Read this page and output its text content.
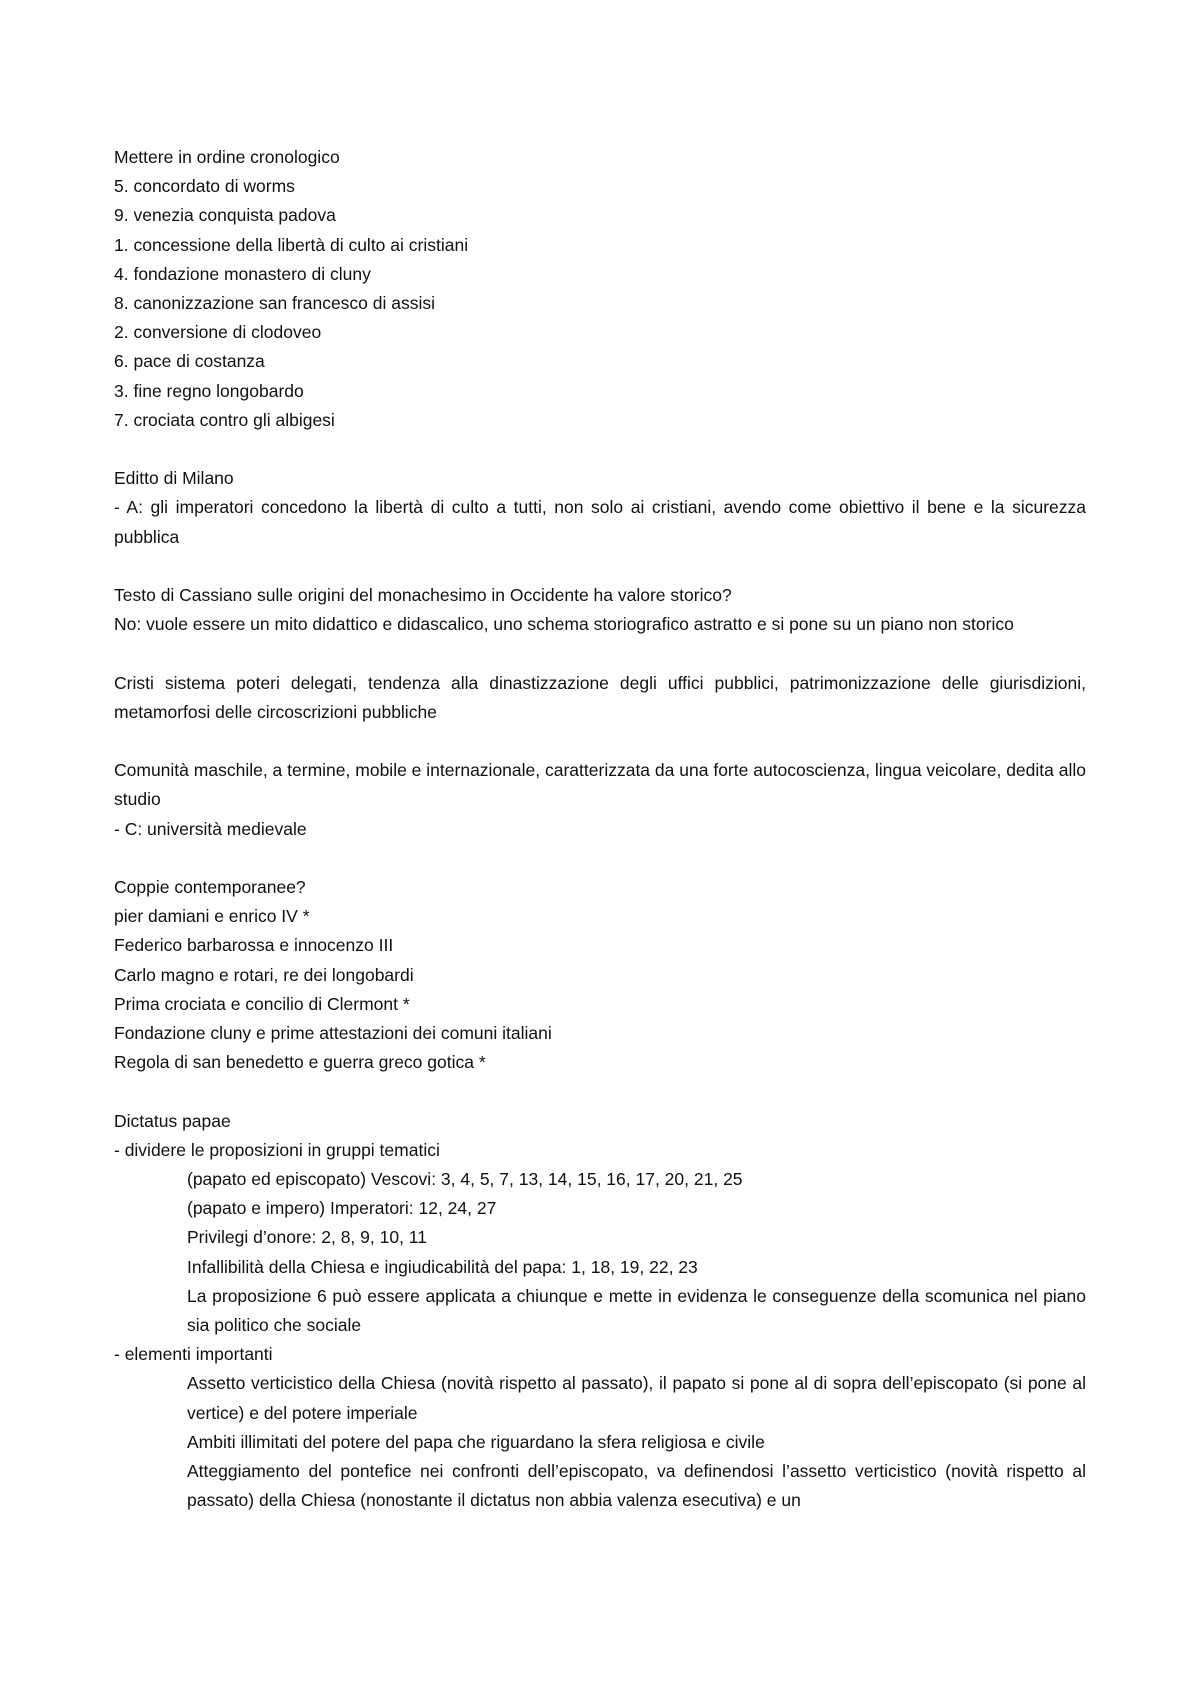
Mettere in ordine cronologico
5. concordato di worms
9. venezia conquista padova
1. concessione della libertà di culto ai cristiani
4. fondazione monastero di cluny
8. canonizzazione san francesco di assisi
2. conversione di clodoveo
6. pace di costanza
3. fine regno longobardo
7. crociata contro gli albigesi
Editto di Milano
- A: gli imperatori concedono la libertà di culto a tutti, non solo ai cristiani, avendo come obiettivo il bene e la sicurezza pubblica
Testo di Cassiano sulle origini del monachesimo in Occidente ha valore storico?
No: vuole essere un mito didattico e didascalico, uno schema storiografico astratto e si pone su un piano non storico
Cristi sistema poteri delegati, tendenza alla dinastizzazione degli uffici pubblici, patrimonizzazione delle giurisdizioni, metamorfosi delle circoscrizioni pubbliche
Comunità maschile, a termine, mobile e internazionale, caratterizzata da una forte autocoscienza, lingua veicolare, dedita allo studio
- C: università medievale
Coppie contemporanee?
pier damiani e enrico IV *
Federico barbarossa e innocenzo III
Carlo magno e rotari, re dei longobardi
Prima crociata e concilio di Clermont *
Fondazione cluny e prime attestazioni dei comuni italiani
Regola di san benedetto e guerra greco gotica *
Dictatus papae
- dividere le proposizioni in gruppi tematici
(papato ed episcopato) Vescovi: 3, 4, 5, 7, 13, 14, 15, 16, 17, 20, 21, 25
(papato e impero) Imperatori: 12, 24, 27
Privilegi d’onore: 2, 8, 9, 10, 11
Infallibilità della Chiesa e ingiudicabilità del papa: 1, 18, 19, 22, 23
La proposizione 6 può essere applicata a chiunque e mette in evidenza le conseguenze della scomunica nel piano sia politico che sociale
- elementi importanti
Assetto verticistico della Chiesa (novità rispetto al passato), il papato si pone al di sopra dell’episcopato (si pone al vertice) e del potere imperiale
Ambiti illimitati del potere del papa che riguardano la sfera religiosa e civile
Atteggiamento del pontefice nei confronti dell’episcopato, va definendosi l’assetto verticistico (novità rispetto al passato) della Chiesa (nonostante il dictatus non abbia valenza esecutiva) e un
